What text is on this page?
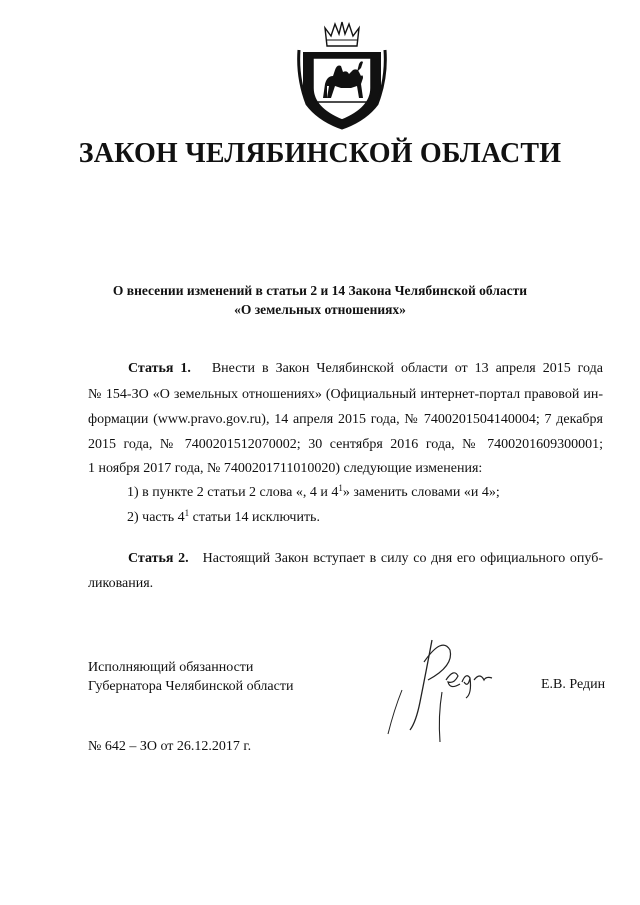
ЗАКОН ЧЕЛЯБИНСКОЙ ОБЛАСТИ
О внесении изменений в статьи 2 и 14 Закона Челябинской области
«О земельных отношениях»
Статья 1. Внести в Закон Челябинской области от 13 апреля 2015 года
№ 154-ЗО «О земельных отношениях» (Официальный интернет-портал правовой ин-
формации (www.pravo.gov.ru), 14 апреля 2015 года, № 7400201504140004; 7 декабря
2015 года, № 7400201512070002; 30 сентября 2016 года, № 7400201609300001;
1 ноября 2017 года, № 7400201711010020) следующие изменения:
1) в пункте 2 статьи 2 слова «, 4 и $4^1$» заменить словами «и 4»;
2) часть $4^1$ статьи 14 исключить.
Статья 2. Настоящий Закон вступает в силу со дня его официального опуб-
ликования.
Исполняющий обязанности
Губернатора Челябинской области	Е.В. Редин
№ 642 – ЗО от 26.12.2017 г.
